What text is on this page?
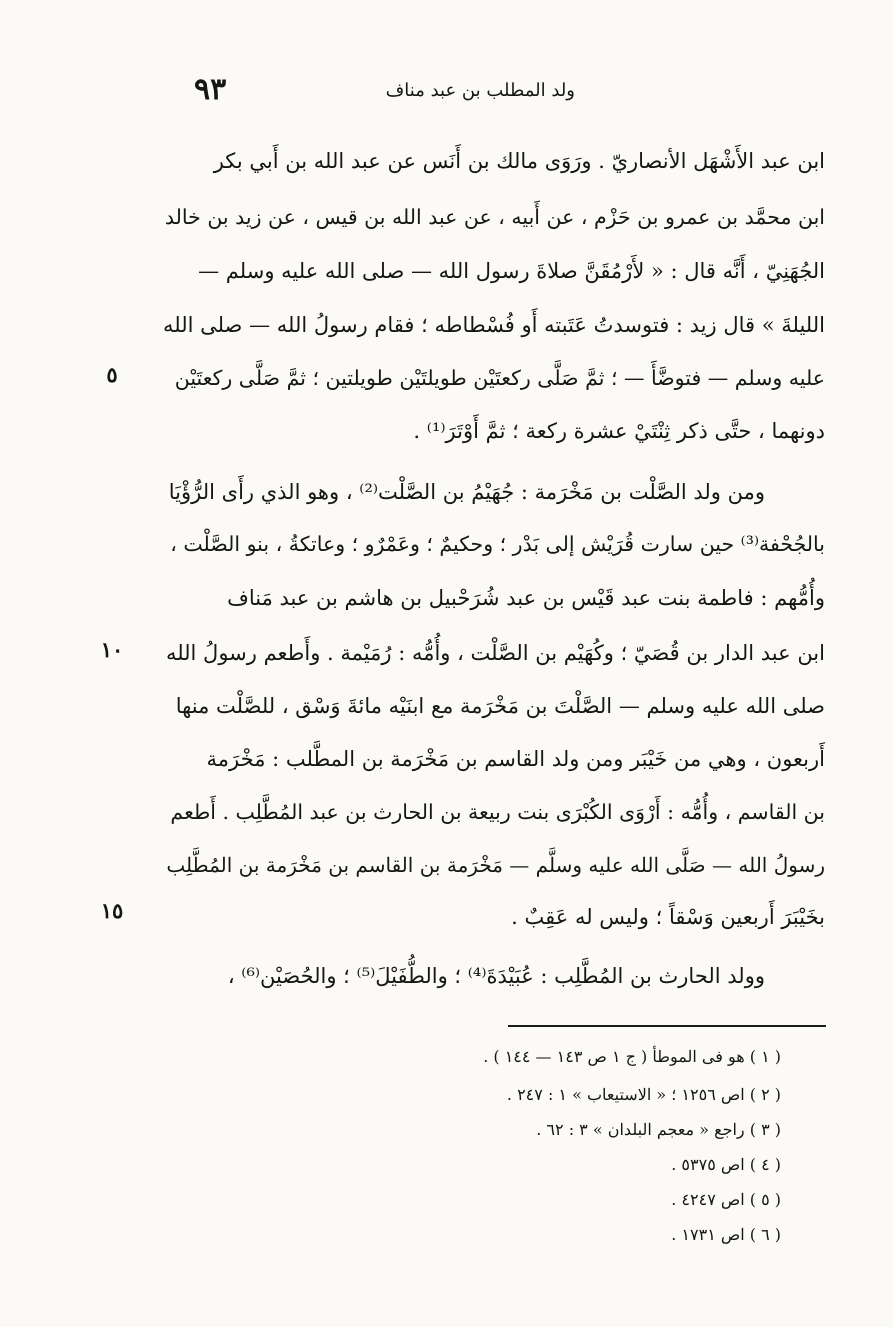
ولد المطلب بن عبد مناف
٩٣
ابن عبد الأَشْهَل الأنصاريّ . ورَوَى مالك بن أَنَس عن عبد الله بن أَبي بكر
ابن محمَّد بن عمرو بن حَزْم ، عن أَبيه ، عن عبد الله بن قيس ، عن زيد بن خالد
الجُهَنِيّ ، أَنَّه قال : « لأَرْمُقَنَّ صلاةَ رسول الله — صلى الله عليه وسلم —
الليلةَ » قال زيد : فتوسدتُ عَتَبته أَو فُسْطاطه ؛ فقام رسولُ الله — صلى الله
عليه وسلم — فتوضَّأَ — ؛ ثمَّ صَلَّى ركعتَيْن طويلتَيْن طويلتين ؛ ثمَّ صَلَّى ركعتَيْن
دونهما ، حتَّى ذكر ثِنْتَيْ عشرة ركعة ؛ ثمَّ أَوْتَرَ⁽¹⁾ .
ومن ولد الصَّلْت بن مَخْرَمة : جُهَيْمُ بن الصَّلْت⁽²⁾ ، وهو الذي رأَى الرُّؤْيَا
بالجُحْفة⁽³⁾ حين سارت قُرَيْش إلى بَدْر ؛ وحكيمٌ ؛ وعَمْرٌو ؛ وعاتكةُ ، بنو الصَّلْت ،
وأُمُّهم : فاطمة بنت عبد قَيْس بن عبد شُرَحْبيل بن هاشم بن عبد مَناف
ابن عبد الدار بن قُصَيّ ؛ وكُهَيْم بن الصَّلْت ، وأُمُّه : رُمَيْمة . وأَطعم رسولُ الله
صلى الله عليه وسلم — الصَّلْتَ بن مَخْرَمة مع ابنَيْه مائةَ وَسْق ، للصَّلْت منها
أَربعون ، وهي من خَيْبَر ومن ولد القاسم بن مَخْرَمة بن المطَّلب : مَخْرَمة
بن القاسم ، وأُمُّه : أَرْوَى الكُبْرَى بنت ربيعة بن الحارث بن عبد المُطَّلِب . أَطعم
رسولُ الله — صَلَّى الله عليه وسلَّم — مَخْرَمة بن القاسم بن مَخْرَمة بن المُطَّلِب
بخَيْبَرَ أَربعين وَسْقاً ؛ وليس له عَقِبٌ .
وولد الحارث بن المُطَّلِب : عُبَيْدَةَ⁽⁴⁾ ؛ والطُّفَيْلَ⁽⁵⁾ ؛ والحُصَيْن⁽⁶⁾ ،
٥
١٠
١٥
( ١ ) هو فى الموطأ ( ج ١ ص ١٤٣ — ١٤٤ ) .
( ٢ ) اص ١٢٥٦ ؛ « الاستيعاب » ١ : ٢٤٧ .
( ٣ ) راجع « معجم البلدان » ٣ : ٦٢ .
( ٤ ) اص ٥٣٧٥ .
( ٥ ) اص ٤٢٤٧ .
( ٦ ) اص ١٧٣١ .
